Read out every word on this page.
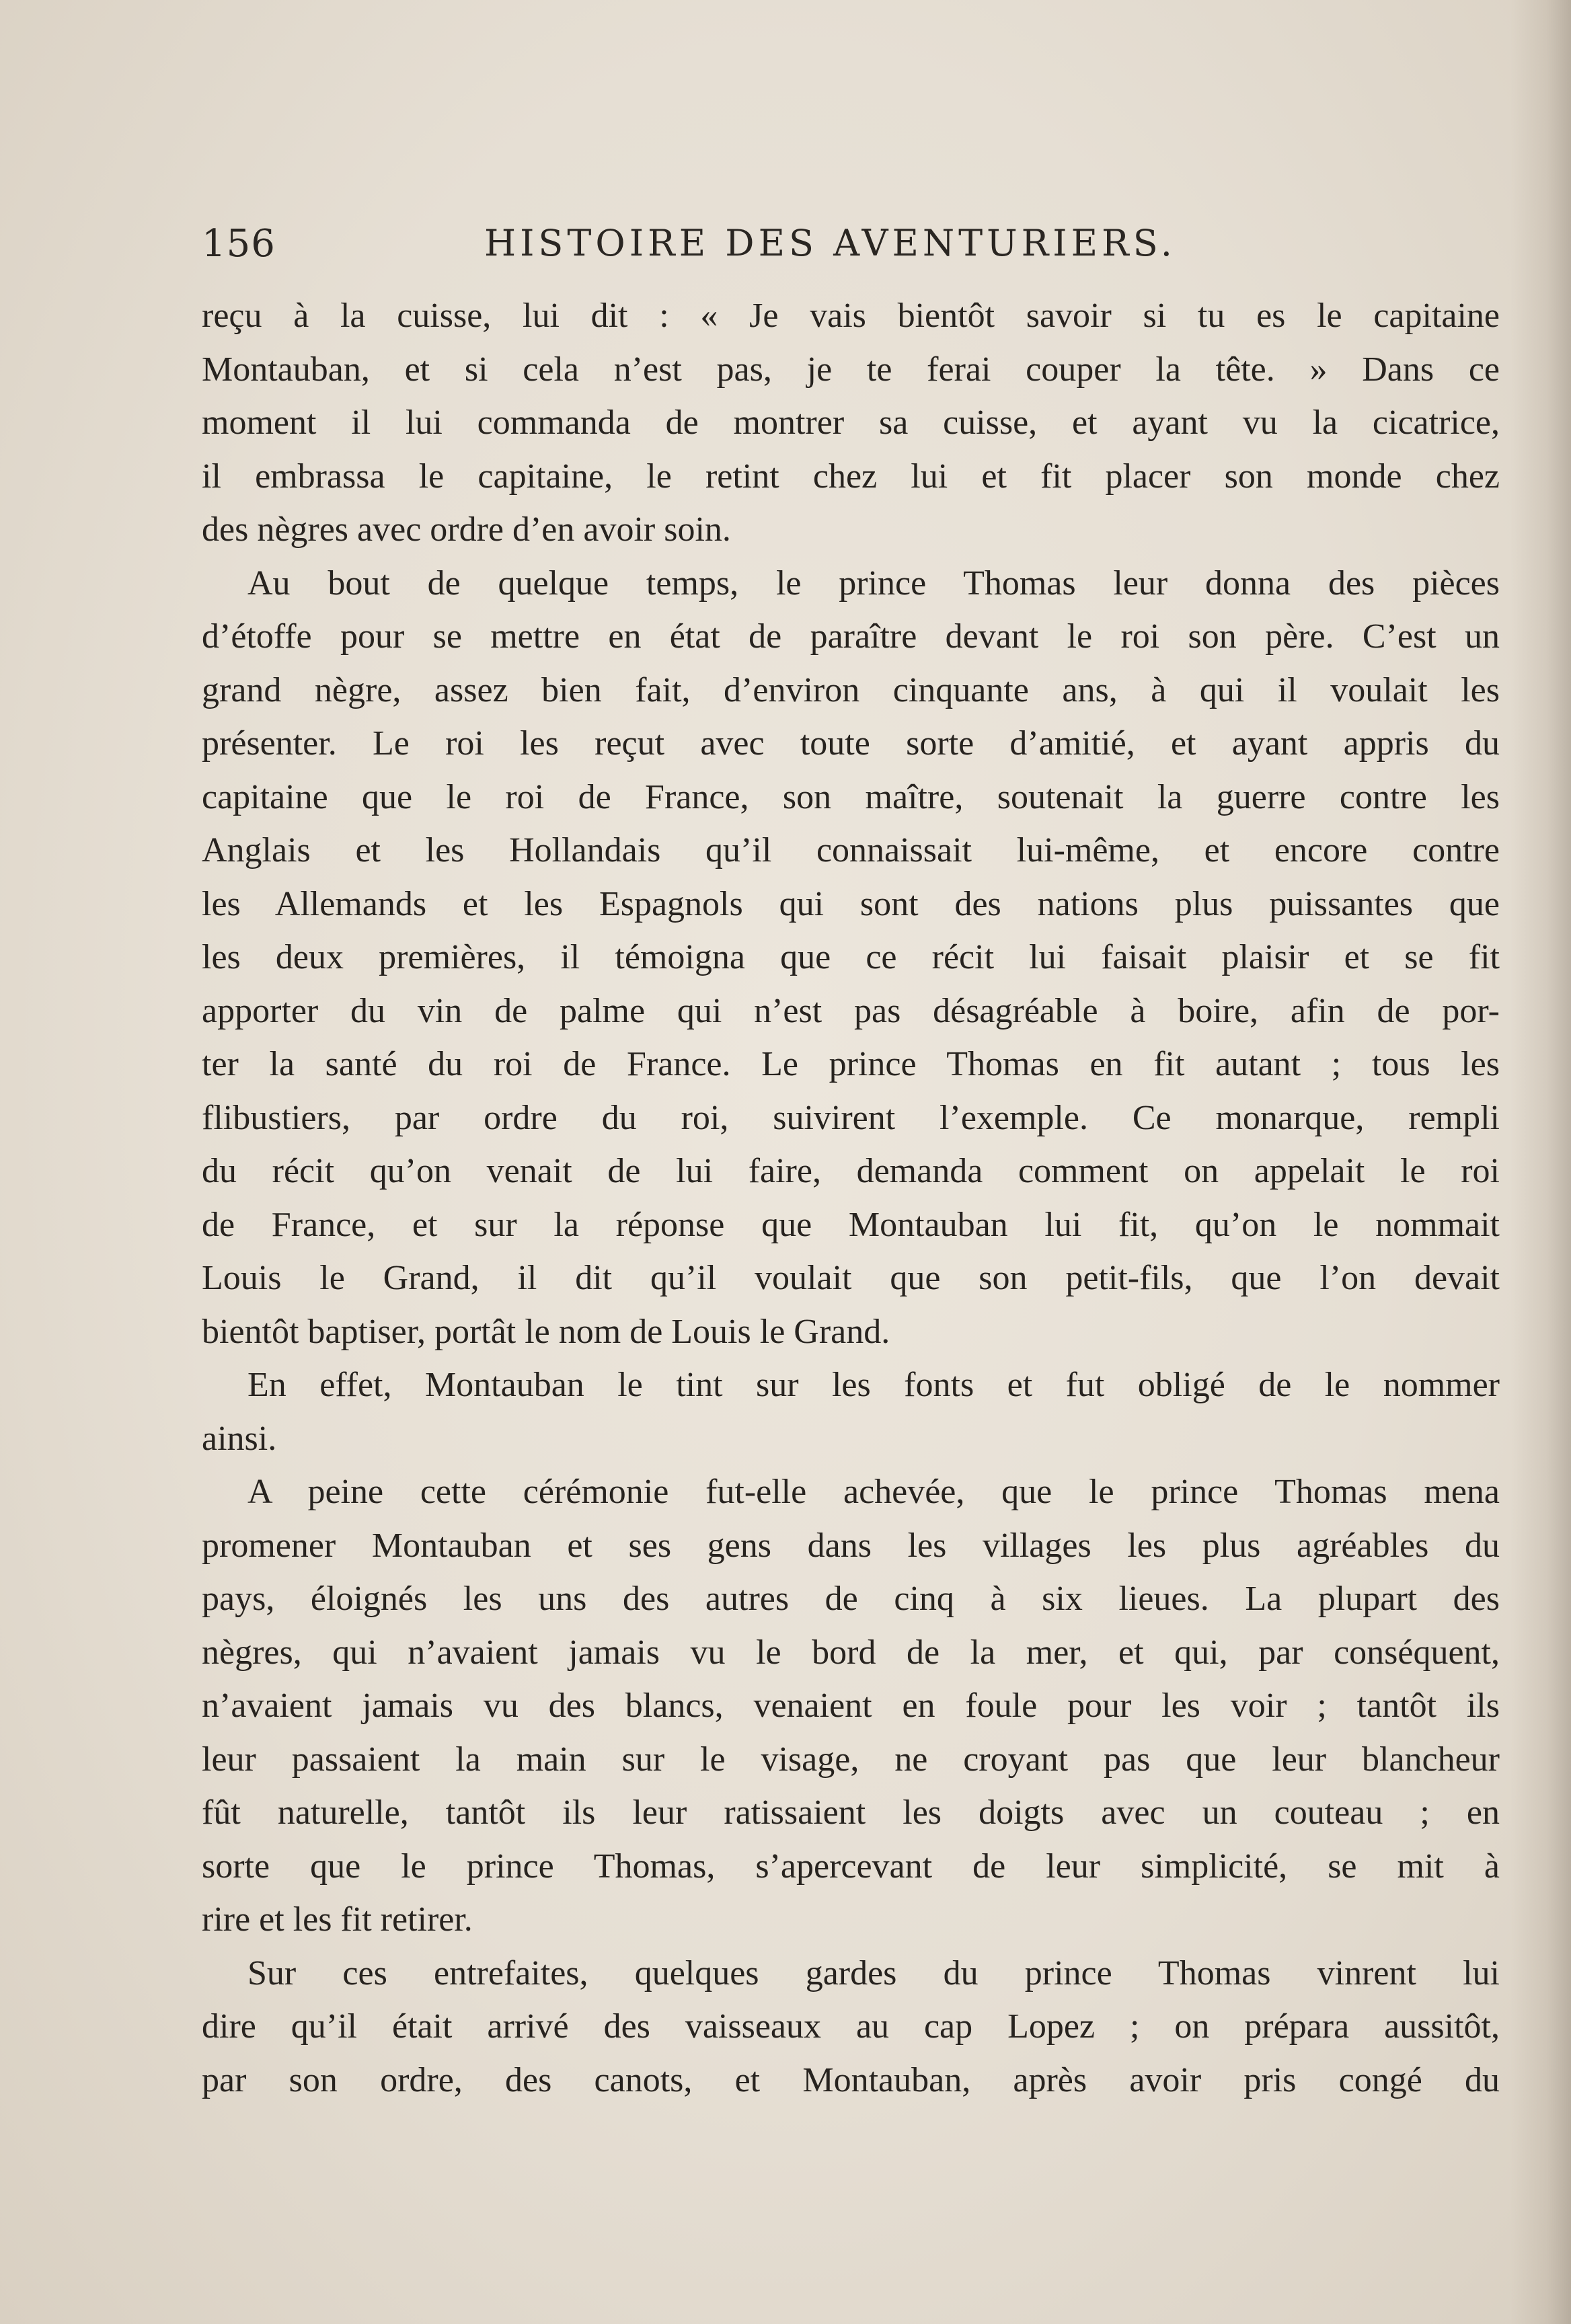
156	HISTOIRE DES AVENTURIERS.
reçu à la cuisse, lui dit : « Je vais bientôt savoir si tu es le capitaine
Montauban, et si cela n’est pas, je te ferai couper la tête. » Dans ce
moment il lui commanda de montrer sa cuisse, et ayant vu la cicatrice,
il embrassa le capitaine, le retint chez lui et fit placer son monde chez
des nègres avec ordre d’en avoir soin.
Au bout de quelque temps, le prince Thomas leur donna des pièces
d’étoffe pour se mettre en état de paraître devant le roi son père. C’est un
grand nègre, assez bien fait, d’environ cinquante ans, à qui il voulait les
présenter. Le roi les reçut avec toute sorte d’amitié, et ayant appris du
capitaine que le roi de France, son maître, soutenait la guerre contre les
Anglais et les Hollandais qu’il connaissait lui-même, et encore contre
les Allemands et les Espagnols qui sont des nations plus puissantes que
les deux premières, il témoigna que ce récit lui faisait plaisir et se fit
apporter du vin de palme qui n’est pas désagréable à boire, afin de por-
ter la santé du roi de France. Le prince Thomas en fit autant ; tous les
flibustiers, par ordre du roi, suivirent l’exemple. Ce monarque, rempli
du récit qu’on venait de lui faire, demanda comment on appelait le roi
de France, et sur la réponse que Montauban lui fit, qu’on le nommait
Louis le Grand, il dit qu’il voulait que son petit-fils, que l’on devait
bientôt baptiser, portât le nom de Louis le Grand.
En effet, Montauban le tint sur les fonts et fut obligé de le nommer
ainsi.
A peine cette cérémonie fut-elle achevée, que le prince Thomas mena
promener Montauban et ses gens dans les villages les plus agréables du
pays, éloignés les uns des autres de cinq à six lieues. La plupart des
nègres, qui n’avaient jamais vu le bord de la mer, et qui, par conséquent,
n’avaient jamais vu des blancs, venaient en foule pour les voir ; tantôt ils
leur passaient la main sur le visage, ne croyant pas que leur blancheur
fût naturelle, tantôt ils leur ratissaient les doigts avec un couteau ; en
sorte que le prince Thomas, s’apercevant de leur simplicité, se mit à
rire et les fit retirer.
Sur ces entrefaites, quelques gardes du prince Thomas vinrent lui
dire qu’il était arrivé des vaisseaux au cap Lopez ; on prépara aussitôt,
par son ordre, des canots, et Montauban, après avoir pris congé du
